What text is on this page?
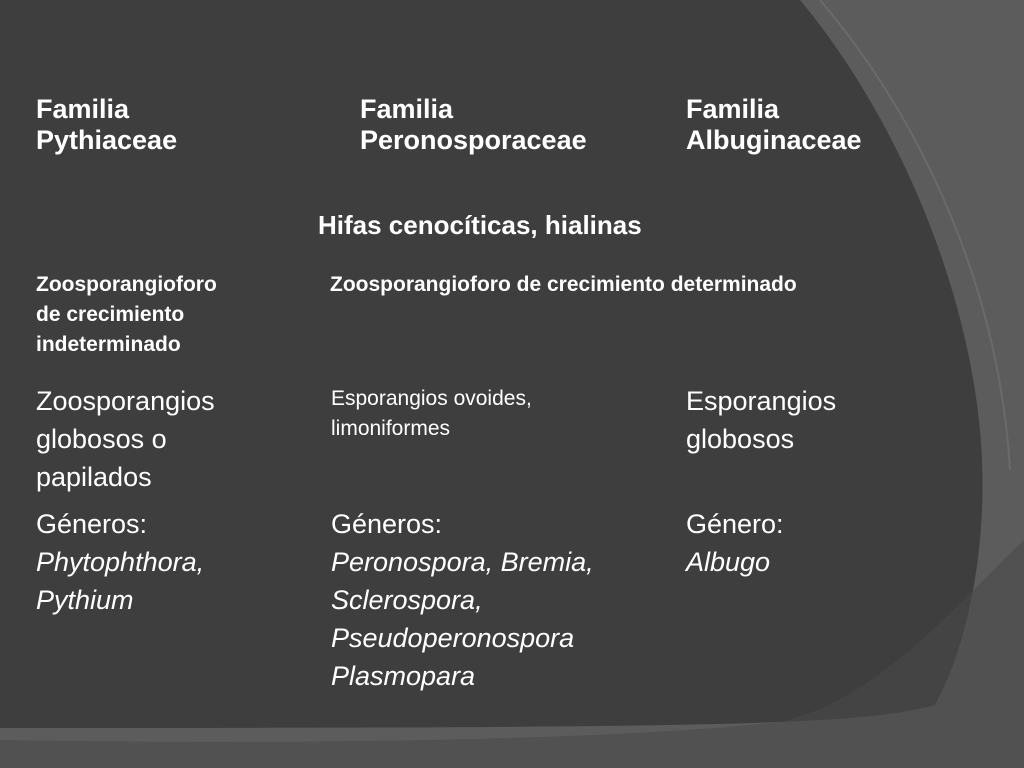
Familia
Pythiaceae
Familia
Peronosporaceae
Familia
Albuginaceae
Hifas cenocíticas, hialinas
Zoosporangioforo
de crecimiento
indeterminado
Zoosporangioforo de crecimiento determinado
Zoosporangios
globosos o
papilados
Esporangios ovoides,
limoniformes
Esporangios
globosos
Géneros:
Phytophthora,
Pythium
Géneros:
Peronospora, Bremia,
Sclerospora,
Pseudoperonospora
Plasmopara
Género:
Albugo
